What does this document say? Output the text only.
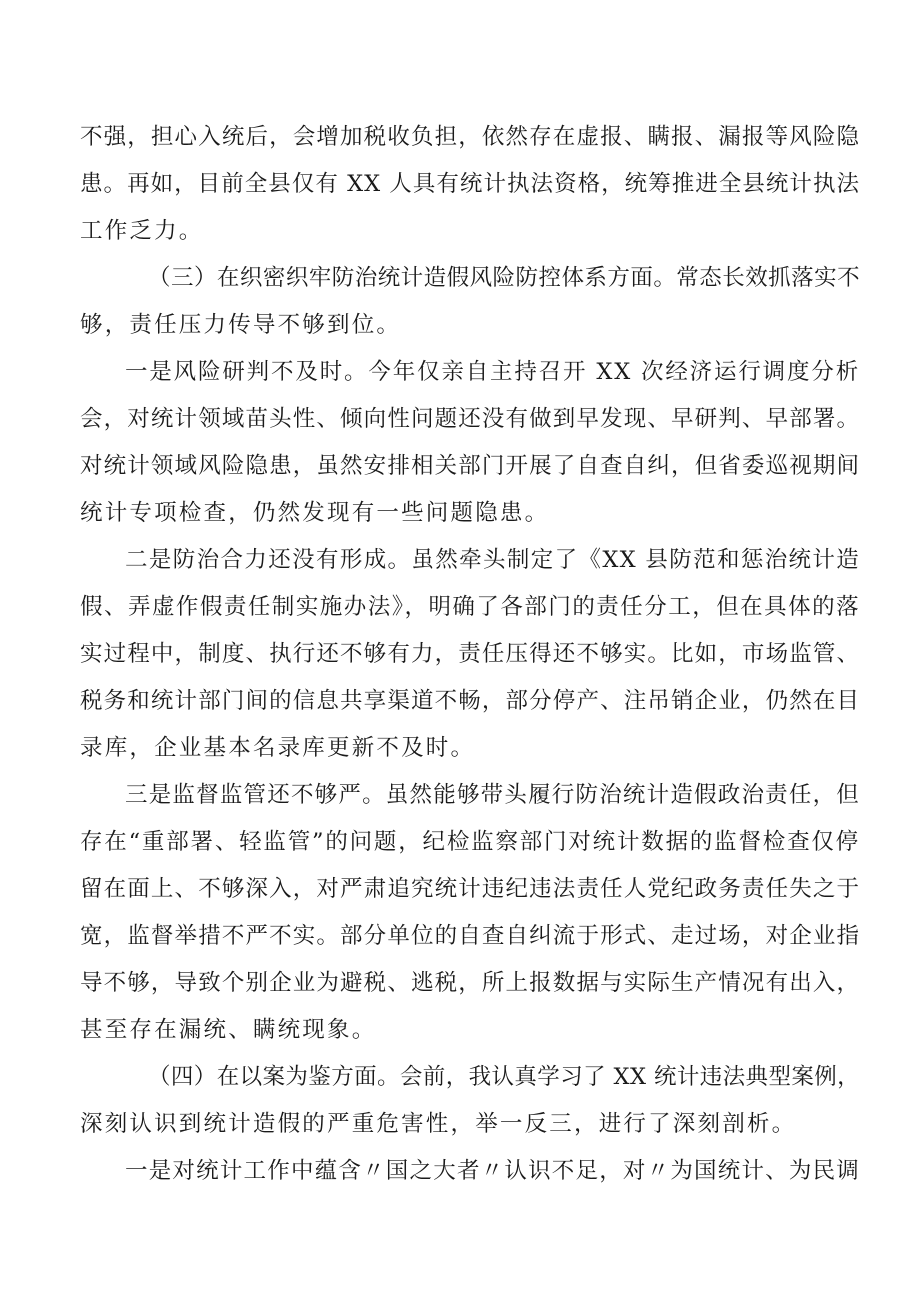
不强，担心入统后，会增加税收负担，依然存在虚报、瞒报、漏报等风险隐
患。再如，目前全县仅有 XX 人具有统计执法资格，统筹推进全县统计执法
工作乏力。
（三）在织密织牢防治统计造假风险防控体系方面。常态长效抓落实不
够，责任压力传导不够到位。
一是风险研判不及时。今年仅亲自主持召开 XX 次经济运行调度分析
会，对统计领域苗头性、倾向性问题还没有做到早发现、早研判、早部署。
对统计领域风险隐患，虽然安排相关部门开展了自查自纠，但省委巡视期间
统计专项检查，仍然发现有一些问题隐患。
二是防治合力还没有形成。虽然牵头制定了《XX 县防范和惩治统计造
假、弄虚作假责任制实施办法》，明确了各部门的责任分工，但在具体的落
实过程中，制度、执行还不够有力，责任压得还不够实。比如，市场监管、
税务和统计部门间的信息共享渠道不畅，部分停产、注吊销企业，仍然在目
录库，企业基本名录库更新不及时。
三是监督监管还不够严。虽然能够带头履行防治统计造假政治责任，但
存在“重部署、轻监管”的问题，纪检监察部门对统计数据的监督检查仅停
留在面上、不够深入，对严肃追究统计违纪违法责任人党纪政务责任失之于
宽，监督举措不严不实。部分单位的自查自纠流于形式、走过场，对企业指
导不够，导致个别企业为避税、逃税，所上报数据与实际生产情况有出入，
甚至存在漏统、瞒统现象。
（四）在以案为鉴方面。会前，我认真学习了 XX 统计违法典型案例，
深刻认识到统计造假的严重危害性，举一反三，进行了深刻剖析。
一是对统计工作中蕴含〃国之大者〃认识不足，对〃为国统计、为民调
